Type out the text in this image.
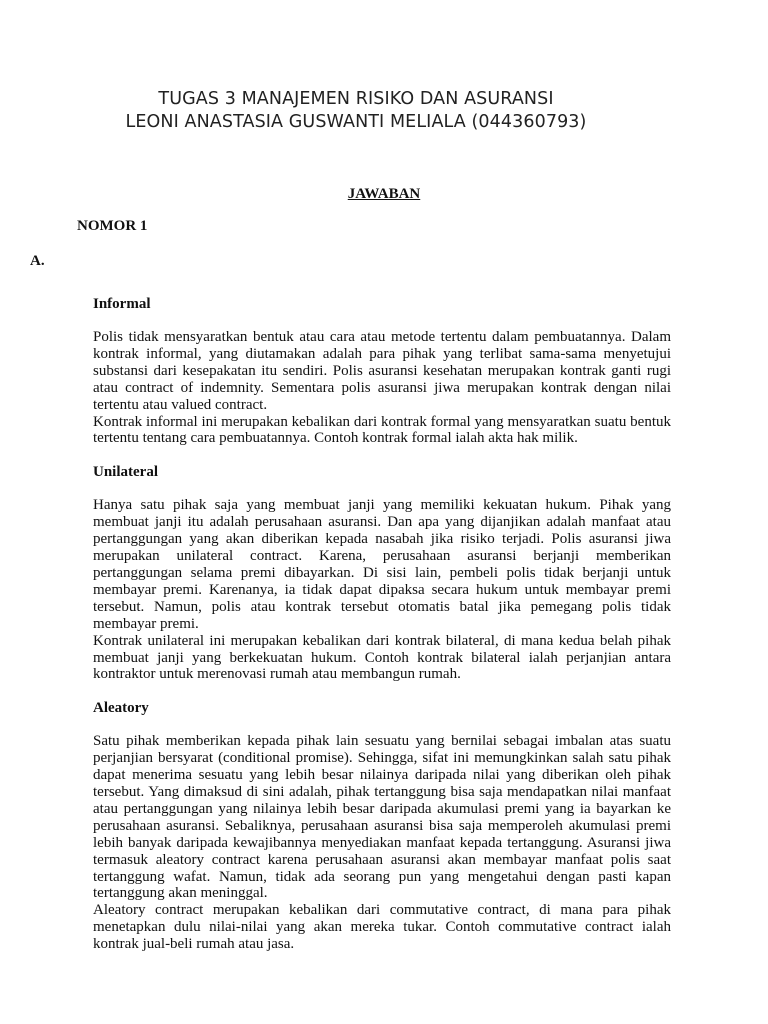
TUGAS 3 MANAJEMEN RISIKO DAN ASURANSI
LEONI ANASTASIA GUSWANTI MELIALA (044360793)
JAWABAN
NOMOR 1
A.

Informal

Polis tidak mensyaratkan bentuk atau cara atau metode tertentu dalam pembuatannya. Dalam kontrak informal, yang diutamakan adalah para pihak yang terlibat sama-sama menyetujui substansi dari kesepakatan itu sendiri. Polis asuransi kesehatan merupakan kontrak ganti rugi atau contract of indemnity. Sementara polis asuransi jiwa merupakan kontrak dengan nilai tertentu atau valued contract.

Kontrak informal ini merupakan kebalikan dari kontrak formal yang mensyaratkan suatu bentuk tertentu tentang cara pembuatannya. Contoh kontrak formal ialah akta hak milik.

Unilateral

Hanya satu pihak saja yang membuat janji yang memiliki kekuatan hukum. Pihak yang membuat janji itu adalah perusahaan asuransi. Dan apa yang dijanjikan adalah manfaat atau pertanggungan yang akan diberikan kepada nasabah jika risiko terjadi. Polis asuransi jiwa merupakan unilateral contract. Karena, perusahaan asuransi berjanji memberikan pertanggungan selama premi dibayarkan. Di sisi lain, pembeli polis tidak berjanji untuk membayar premi. Karenanya, ia tidak dapat dipaksa secara hukum untuk membayar premi tersebut. Namun, polis atau kontrak tersebut otomatis batal jika pemegang polis tidak membayar premi.

Kontrak unilateral ini merupakan kebalikan dari kontrak bilateral, di mana kedua belah pihak membuat janji yang berkekuatan hukum. Contoh kontrak bilateral ialah perjanjian antara kontraktor untuk merenovasi rumah atau membangun rumah.

Aleatory

Satu pihak memberikan kepada pihak lain sesuatu yang bernilai sebagai imbalan atas suatu perjanjian bersyarat (conditional promise). Sehingga, sifat ini memungkinkan salah satu pihak dapat menerima sesuatu yang lebih besar nilainya daripada nilai yang diberikan oleh pihak tersebut. Yang dimaksud di sini adalah, pihak tertanggung bisa saja mendapatkan nilai manfaat atau pertanggungan yang nilainya lebih besar daripada akumulasi premi yang ia bayarkan ke perusahaan asuransi. Sebaliknya, perusahaan asuransi bisa saja memperoleh akumulasi premi lebih banyak daripada kewajibannya menyediakan manfaat kepada tertanggung. Asuransi jiwa termasuk aleatory contract karena perusahaan asuransi akan membayar manfaat polis saat tertanggung wafat. Namun, tidak ada seorang pun yang mengetahui dengan pasti kapan tertanggung akan meninggal.

Aleatory contract merupakan kebalikan dari commutative contract, di mana para pihak menetapkan dulu nilai-nilai yang akan mereka tukar. Contoh commutative contract ialah kontrak jual-beli rumah atau jasa.
